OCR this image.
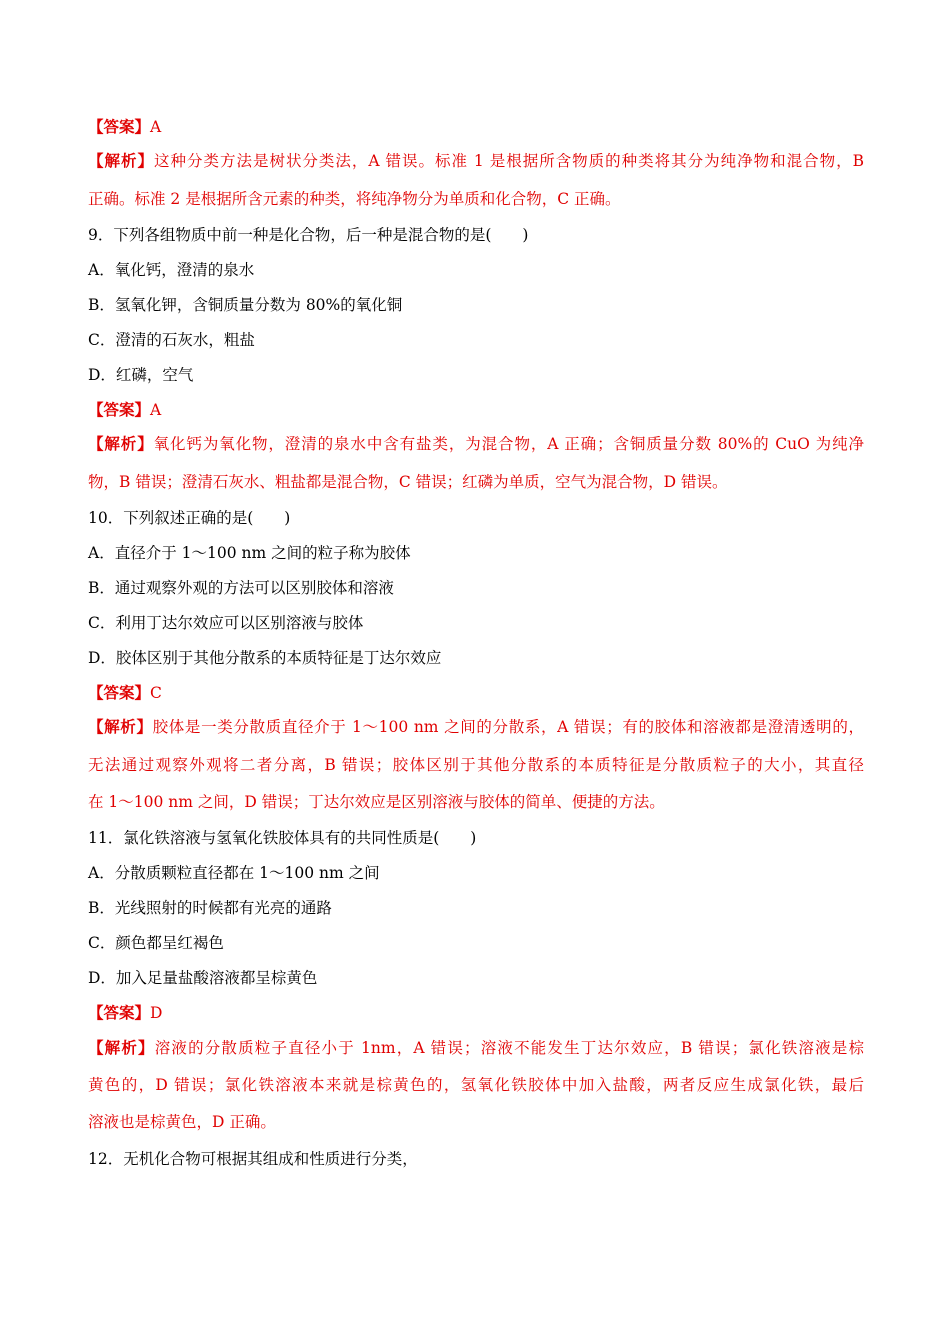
【答案】A
【解析】这种分类方法是树状分类法，A 错误。标准 1 是根据所含物质的种类将其分为纯净物和混合物，B
正确。标准 2 是根据所含元素的种类，将纯净物分为单质和化合物，C 正确。
9．下列各组物质中前一种是化合物，后一种是混合物的是(　　)
A．氧化钙，澄清的泉水
B．氢氧化钾，含铜质量分数为 80%的氧化铜
C．澄清的石灰水，粗盐
D．红磷，空气
【答案】A
【解析】氧化钙为氧化物，澄清的泉水中含有盐类，为混合物，A 正确；含铜质量分数 80%的 CuO 为纯净
物，B 错误；澄清石灰水、粗盐都是混合物，C 错误；红磷为单质，空气为混合物，D 错误。
10．下列叙述正确的是(　　)
A．直径介于 1～100 nm 之间的粒子称为胶体
B．通过观察外观的方法可以区别胶体和溶液
C．利用丁达尔效应可以区别溶液与胶体
D．胶体区别于其他分散系的本质特征是丁达尔效应
【答案】C
【解析】胶体是一类分散质直径介于 1～100 nm 之间的分散系，A 错误；有的胶体和溶液都是澄清透明的，
无法通过观察外观将二者分离，B 错误；胶体区别于其他分散系的本质特征是分散质粒子的大小，其直径
在 1～100 nm 之间，D 错误；丁达尔效应是区别溶液与胶体的简单、便捷的方法。
11．氯化铁溶液与氢氧化铁胶体具有的共同性质是(　　)
A．分散质颗粒直径都在 1～100 nm 之间
B．光线照射的时候都有光亮的通路
C．颜色都呈红褐色
D．加入足量盐酸溶液都呈棕黄色
【答案】D
【解析】溶液的分散质粒子直径小于 1nm，A 错误；溶液不能发生丁达尔效应，B 错误；氯化铁溶液是棕
黄色的，D 错误；氯化铁溶液本来就是棕黄色的，氢氧化铁胶体中加入盐酸，两者反应生成氯化铁，最后
溶液也是棕黄色，D 正确。
12．无机化合物可根据其组成和性质进行分类，
